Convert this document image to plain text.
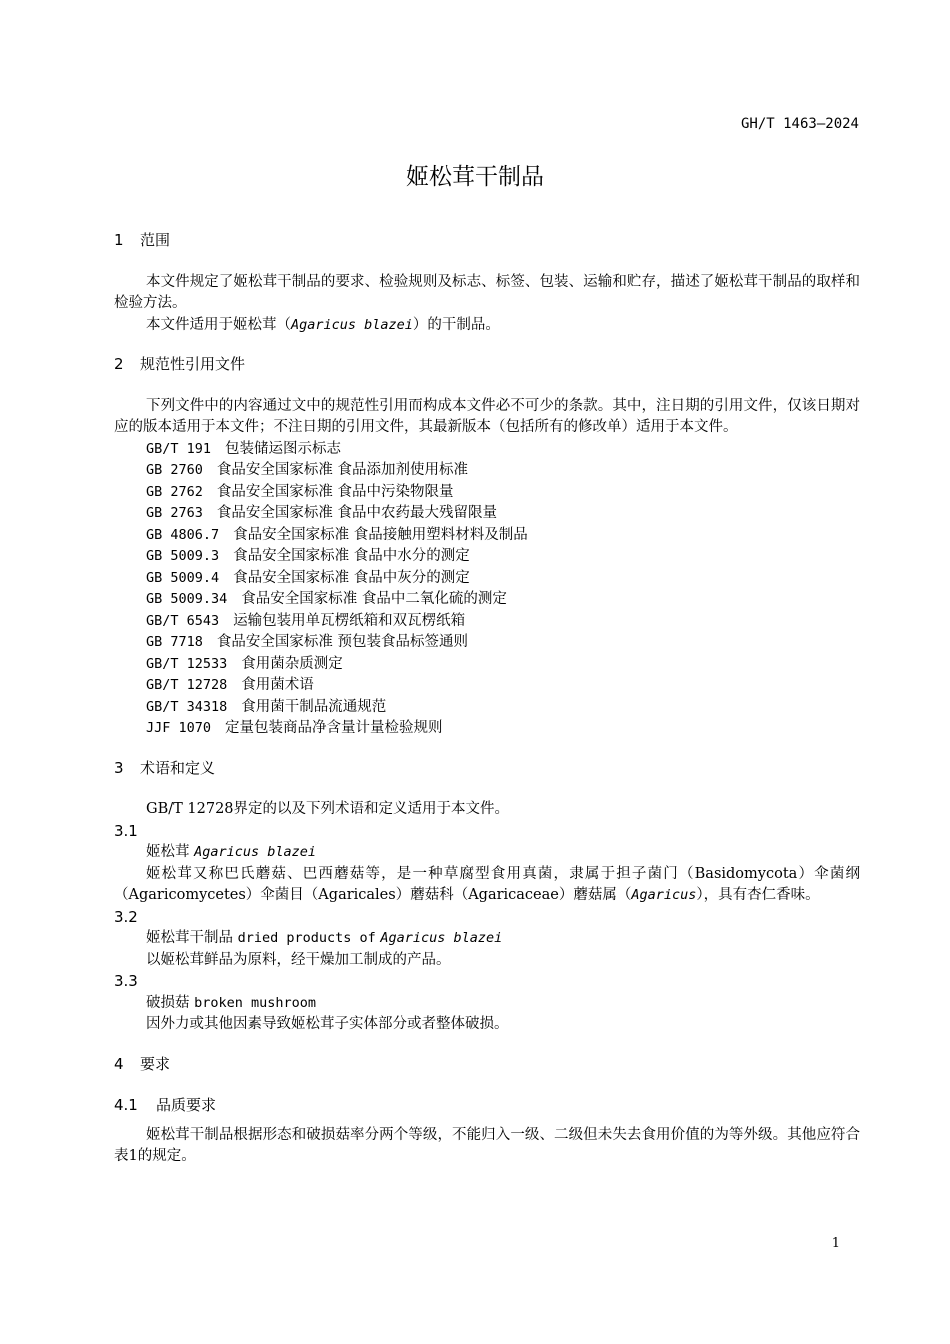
GH/T 1463—2024
姬松茸干制品
1 范围

本文件规定了姬松茸干制品的要求、检验规则及标志、标签、包装、运输和贮存，描述了姬松茸干制品的取样和检验方法。

本文件适用于姬松茸（Agaricus blazei）的干制品。

2 规范性引用文件

下列文件中的内容通过文中的规范性引用而构成本文件必不可少的条款。其中，注日期的引用文件，仅该日期对应的版本适用于本文件；不注日期的引用文件，其最新版本（包括所有的修改单）适用于本文件。

GB/T 191 包装储运图示标志
GB 2760 食品安全国家标准 食品添加剂使用标准
GB 2762 食品安全国家标准 食品中污染物限量
GB 2763 食品安全国家标准 食品中农药最大残留限量
GB 4806.7 食品安全国家标准 食品接触用塑料材料及制品
GB 5009.3 食品安全国家标准 食品中水分的测定
GB 5009.4 食品安全国家标准 食品中灰分的测定
GB 5009.34 食品安全国家标准 食品中二氧化硫的测定
GB/T 6543 运输包装用单瓦楞纸箱和双瓦楞纸箱
GB 7718 食品安全国家标准 预包装食品标签通则
GB/T 12533 食用菌杂质测定
GB/T 12728 食用菌术语
GB/T 34318 食用菌干制品流通规范
JJF 1070 定量包装商品净含量计量检验规则
3 术语和定义

GB/T 12728界定的以及下列术语和定义适用于本文件。

3.1
姬松茸 Agaricus blazei

姬松茸又称巴氏蘑菇、巴西蘑菇等，是一种草腐型食用真菌，隶属于担子菌门（Basidomycota）伞菌纲（Agaricomycetes）伞菌目（Agaricales）蘑菇科（Agaricaceae）蘑菇属（Agaricus），具有杏仁香味。

3.2
姬松茸干制品 dried products of Agaricus blazei

以姬松茸鲜品为原料，经干燥加工制成的产品。

3.3
破损菇 broken mushroom

因外力或其他因素导致姬松茸子实体部分或者整体破损。

4 要求
4.1 品质要求

姬松茸干制品根据形态和破损菇率分两个等级，不能归入一级、二级但未失去食用价值的为等外级。其他应符合表1的规定。

1
